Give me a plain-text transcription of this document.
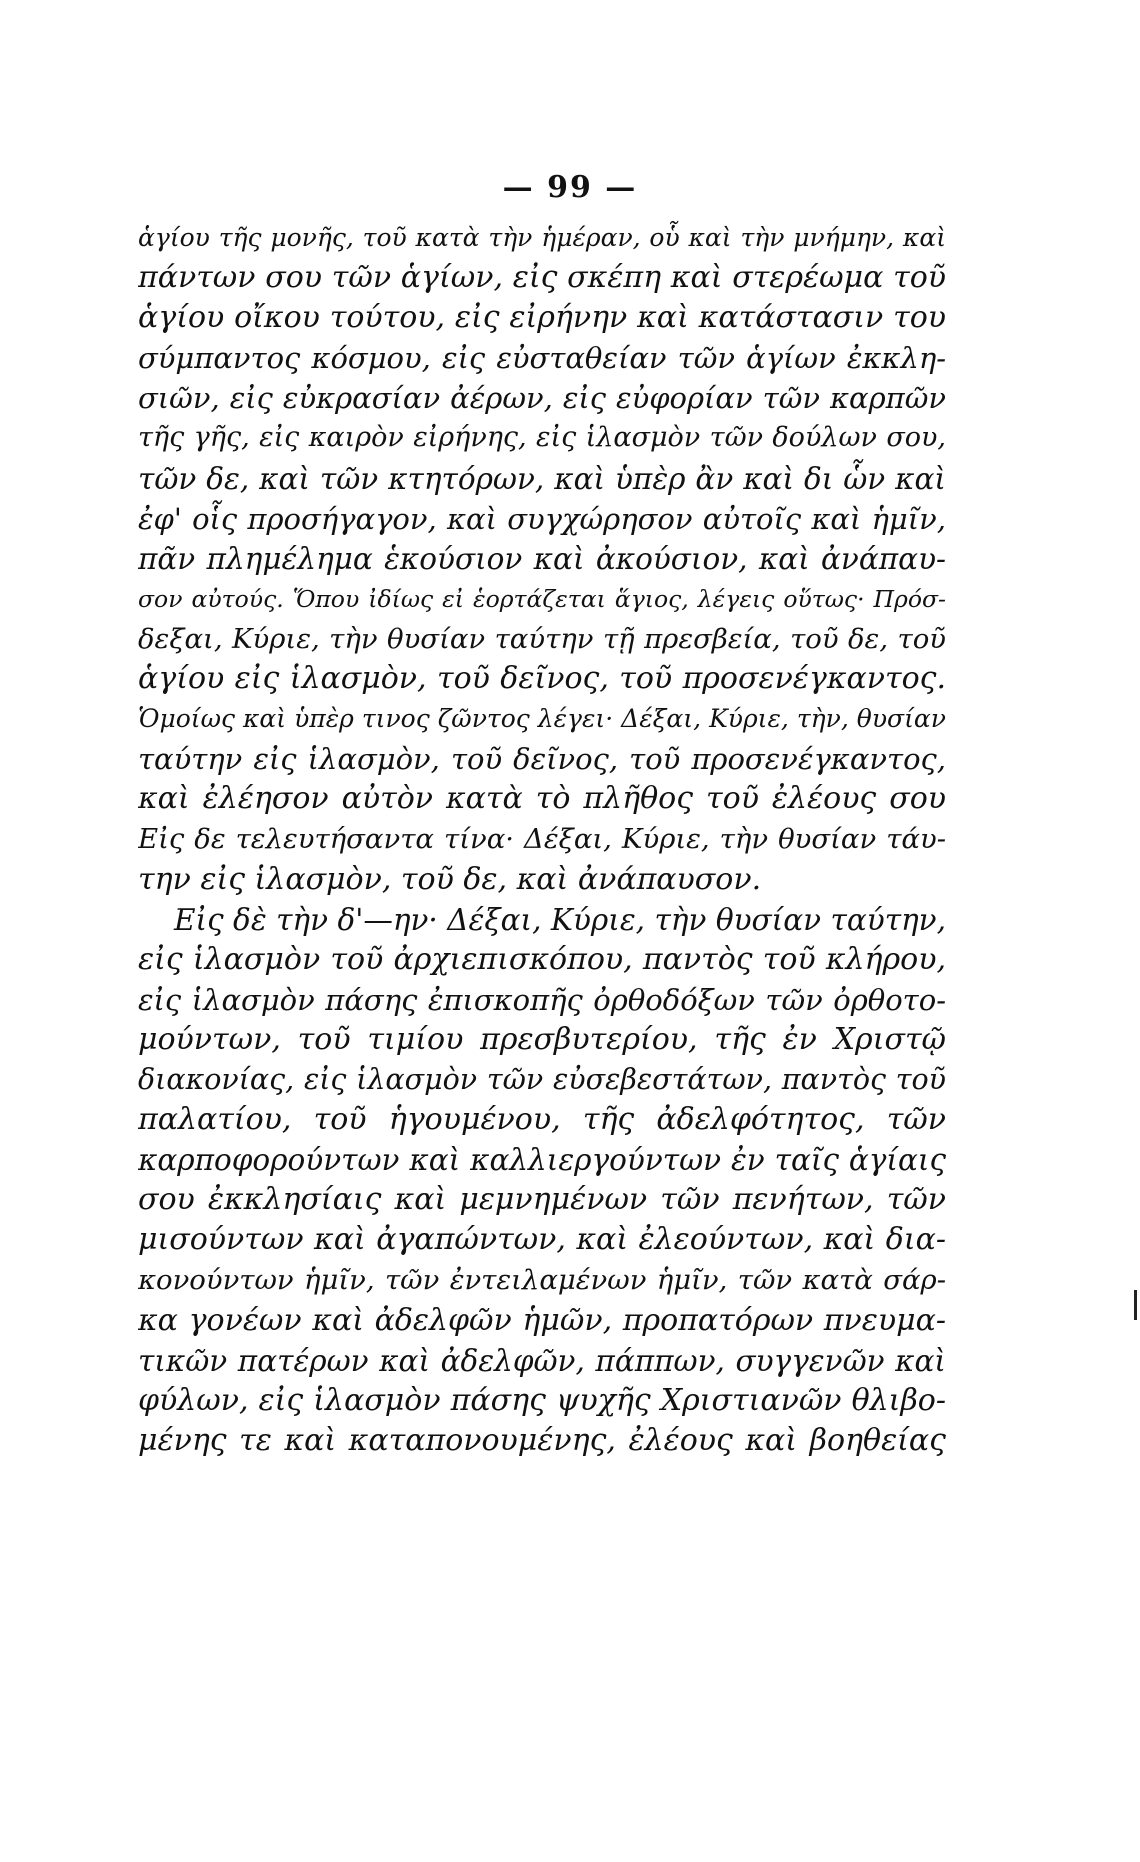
— 99 —
ἁγίου τῆς μονῆς, τοῦ κατὰ τὴν ἡμέραν, οὗ καὶ τὴν μνήμην, καὶ
πάντων σου τῶν ἁγίων, εἰς σκέπη καὶ στερέωμα τοῦ
ἁγίου οἴκου τούτου, εἰς εἰρήνην καὶ κατάστασιν του
σύμπαντος κόσμου, εἰς εὐσταθείαν τῶν ἁγίων ἐκκλη-
σιῶν, εἰς εὐκρασίαν ἀέρων, εἰς εὐφορίαν τῶν καρπῶν
τῆς γῆς, εἰς καιρὸν εἰρήνης, εἰς ἱλασμὸν τῶν δούλων σου,
τῶν δε, καὶ τῶν κτητόρων, καὶ ὑπὲρ ἂν καὶ δι ὧν καὶ
ἐφ' οἷς προσήγαγον, καὶ συγχώρησον αὐτοῖς καὶ ἡμῖν,
πᾶν πλημέλημα ἑκούσιον καὶ ἀκούσιον, καὶ ἀνάπαυ-
σον αὐτούς. Ὅπου ἰδίως εἰ ἑορτάζεται ἅγιος, λέγεις οὕτως· Πρόσ-
δεξαι, Κύριε, τὴν θυσίαν ταύτην τῇ πρεσβεία, τοῦ δε, τοῦ
ἁγίου εἰς ἱλασμὸν, τοῦ δεῖνος, τοῦ προσενέγκαντος.
Ὁμοίως καὶ ὑπὲρ τινος ζῶντος λέγει· Δέξαι, Κύριε, τὴν, θυσίαν
ταύτην εἰς ἱλασμὸν, τοῦ δεῖνος, τοῦ προσενέγκαντος,
καὶ ἐλέησον αὐτὸν κατὰ τὸ πλῆθος τοῦ ἐλέους σου
Εἰς δε τελευτήσαντα τίνα· Δέξαι, Κύριε, τὴν θυσίαν τάυ-
την εἰς ἱλασμὸν, τοῦ δε, καὶ ἀνάπαυσον.
Εἰς δὲ τὴν δ'—ην· Δέξαι, Κύριε, τὴν θυσίαν ταύτην,
εἰς ἱλασμὸν τοῦ ἀρχιεπισκόπου, παντὸς τοῦ κλήρου,
εἰς ἱλασμὸν πάσης ἐπισκοπῆς ὀρθοδόξων τῶν ὀρθοτο-
μούντων, τοῦ τιμίου πρεσβυτερίου, τῆς ἐν Χριστῷ
διακονίας, εἰς ἱλασμὸν τῶν εὐσεβεστάτων, παντὸς τοῦ
παλατίου, τοῦ ἡγουμένου, τῆς ἀδελφότητος, τῶν
καρποφορούντων καὶ καλλιεργούντων ἐν ταῖς ἁγίαις
σου ἐκκλησίαις καὶ μεμνημένων τῶν πενήτων, τῶν
μισούντων καὶ ἀγαπώντων, καὶ ἐλεούντων, καὶ δια-
κονούντων ἡμῖν, τῶν ἐντειλαμένων ἡμῖν, τῶν κατὰ σάρ-
κα γονέων καὶ ἀδελφῶν ἡμῶν, προπατόρων πνευμα-
τικῶν πατέρων καὶ ἀδελφῶν, πάππων, συγγενῶν καὶ
φύλων, εἰς ἱλασμὸν πάσης ψυχῆς Χριστιανῶν θλιβο-
μένης τε καὶ καταπονουμένης, ἐλέους καὶ βοηθείας
